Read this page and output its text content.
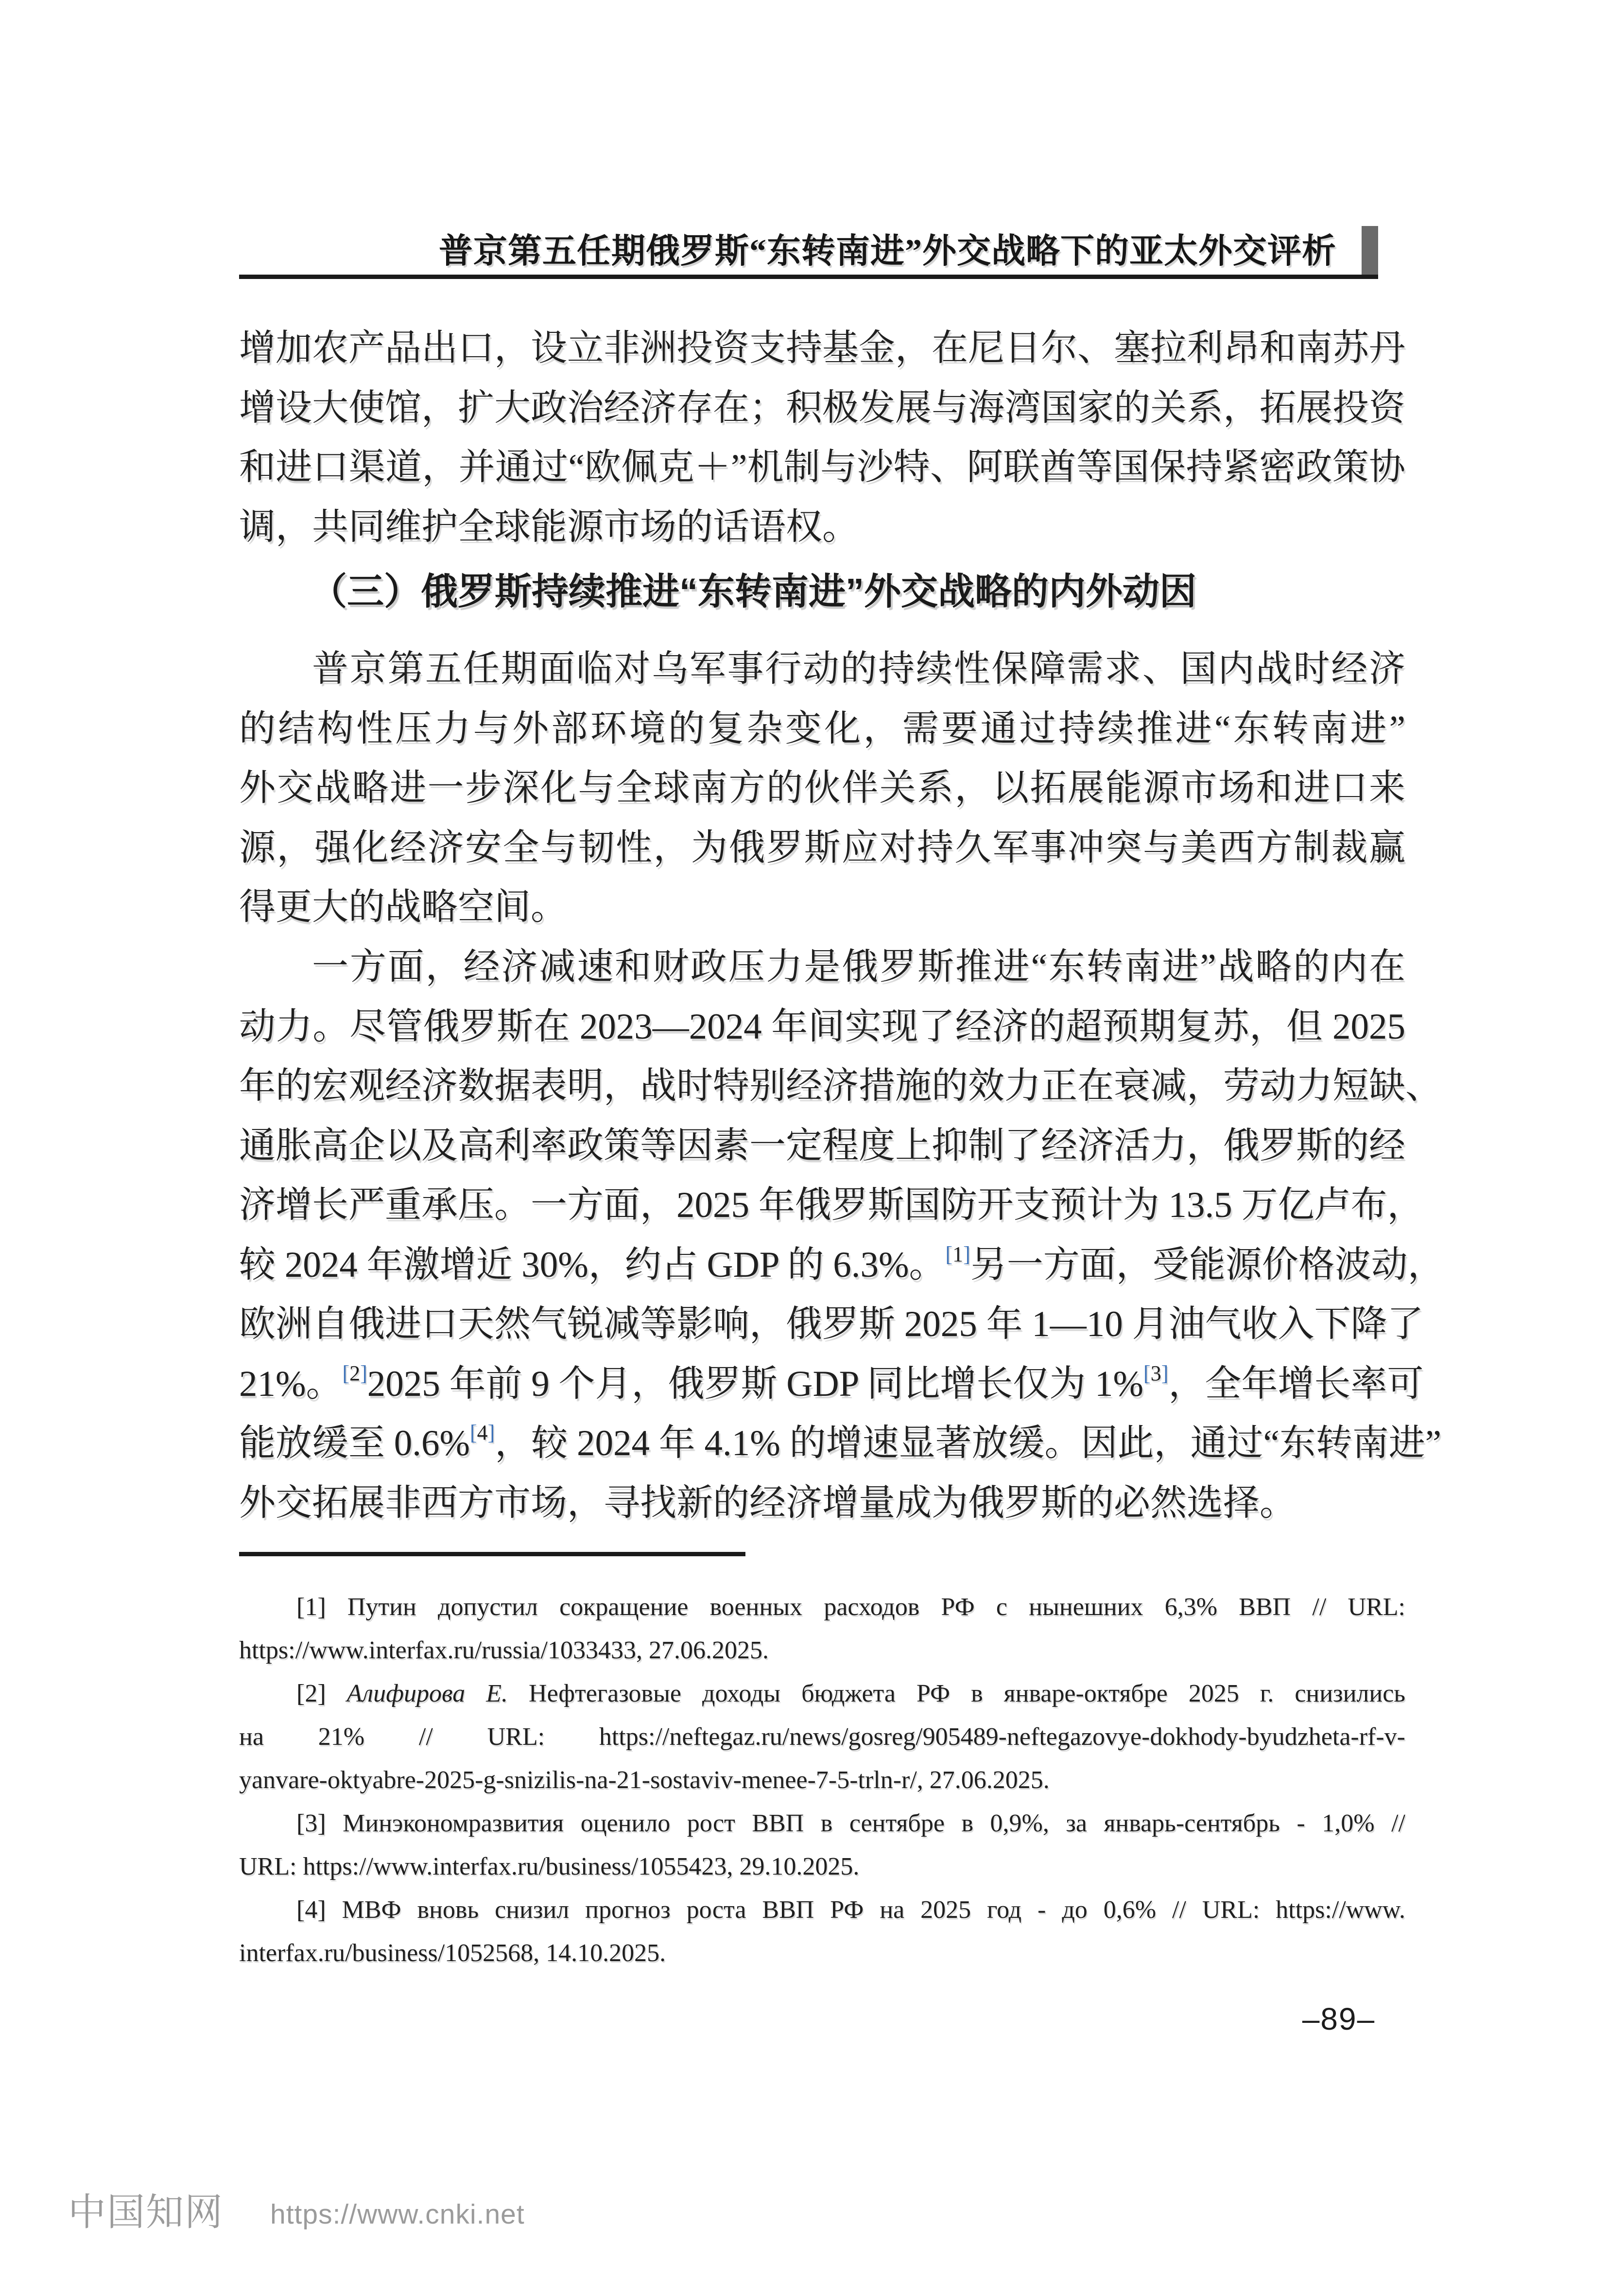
普京第五任期俄罗斯“东转南进”外交战略下的亚太外交评析
增加农产品出口，设立非洲投资支持基金，在尼日尔、塞拉利昂和南苏丹
增设大使馆，扩大政治经济存在；积极发展与海湾国家的关系，拓展投资
和进口渠道，并通过“欧佩克＋”机制与沙特、阿联酋等国保持紧密政策协
调，共同维护全球能源市场的话语权。
（三）俄罗斯持续推进“东转南进”外交战略的内外动因
普京第五任期面临对乌军事行动的持续性保障需求、国内战时经济
的结构性压力与外部环境的复杂变化，需要通过持续推进“东转南进”
外交战略进一步深化与全球南方的伙伴关系，以拓展能源市场和进口来
源，强化经济安全与韧性，为俄罗斯应对持久军事冲突与美西方制裁赢
得更大的战略空间。
一方面，经济减速和财政压力是俄罗斯推进“东转南进”战略的内在
动力。尽管俄罗斯在 2023—2024 年间实现了经济的超预期复苏，但 2025
年的宏观经济数据表明，战时特别经济措施的效力正在衰减，劳动力短缺、
通胀高企以及高利率政策等因素一定程度上抑制了经济活力，俄罗斯的经
济增长严重承压。一方面，2025 年俄罗斯国防开支预计为 13.5 万亿卢布，
较 2024 年激增近 30%，约占 GDP 的 6.3%。[1]另一方面，受能源价格波动，
欧洲自俄进口天然气锐减等影响，俄罗斯 2025 年 1—10 月油气收入下降了
21%。[2]2025 年前 9 个月，俄罗斯 GDP 同比增长仅为 1%[3]，全年增长率可
能放缓至 0.6%[4]，较 2024 年 4.1% 的增速显著放缓。因此，通过“东转南进”
外交拓展非西方市场，寻找新的经济增量成为俄罗斯的必然选择。
[1] Путин допустил сокращение военных расходов РФ с нынешних 6,3% ВВП // URL:
https://www.interfax.ru/russia/1033433, 27.06.2025.
[2] Алифирова Е. Нефтегазовые доходы бюджета РФ в январе-октябре 2025 г. снизились
на 21% // URL: https://neftegaz.ru/news/gosreg/905489-neftegazovye-dokhody-byudzheta-rf-v-
yanvare-oktyabre-2025-g-snizilis-na-21-sostaviv-menee-7-5-trln-r/, 27.06.2025.
[3] Минэкономразвития оценило рост ВВП в сентябре в 0,9%, за январь-сентябрь - 1,0% //
URL: https://www.interfax.ru/business/1055423, 29.10.2025.
[4] МВФ вновь снизил прогноз роста ВВП РФ на 2025 год - до 0,6% // URL: https://www.
interfax.ru/business/1052568, 14.10.2025.
–89–
中国知网 https://www.cnki.net
